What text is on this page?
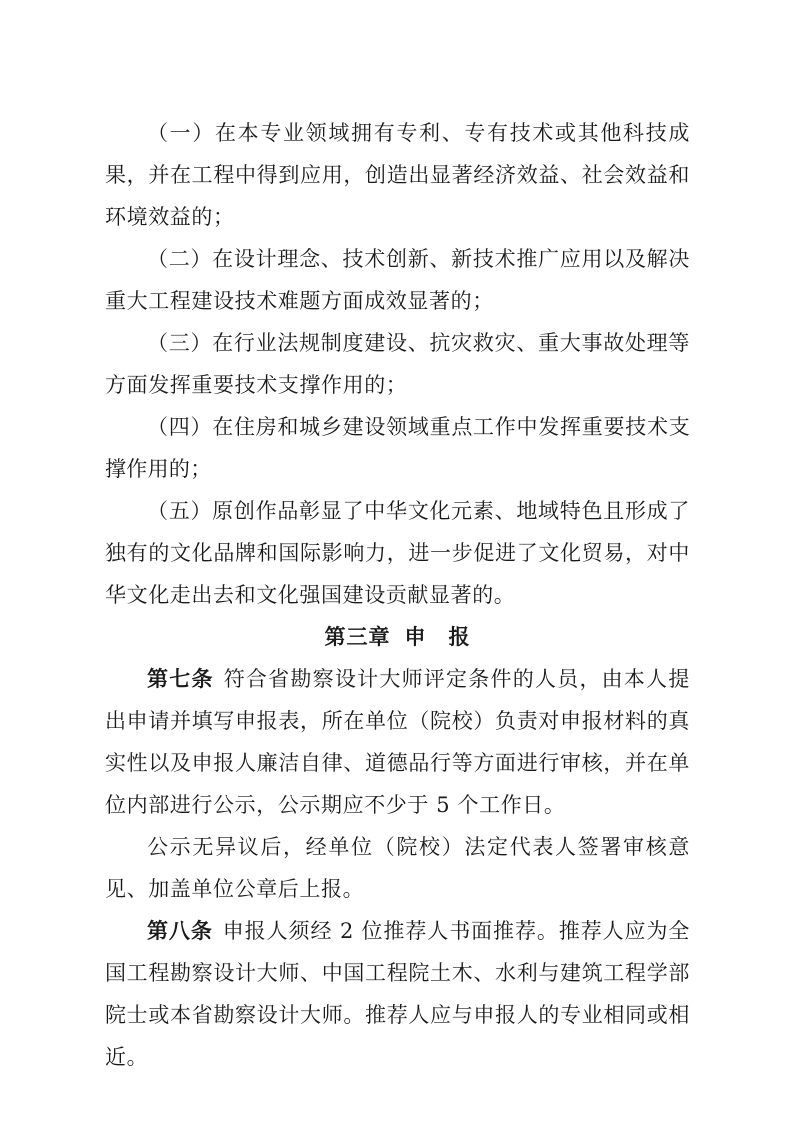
（一）在本专业领域拥有专利、专有技术或其他科技成果，并在工程中得到应用，创造出显著经济效益、社会效益和环境效益的；

（二）在设计理念、技术创新、新技术推广应用以及解决重大工程建设技术难题方面成效显著的；

（三）在行业法规制度建设、抗灾救灾、重大事故处理等方面发挥重要技术支撑作用的；

（四）在住房和城乡建设领域重点工作中发挥重要技术支撑作用的；

（五）原创作品彰显了中华文化元素、地域特色且形成了独有的文化品牌和国际影响力，进一步促进了文化贸易，对中华文化走出去和文化强国建设贡献显著的。

第三章 申　报

第七条 符合省勘察设计大师评定条件的人员，由本人提出申请并填写申报表，所在单位（院校）负责对申报材料的真实性以及申报人廉洁自律、道德品行等方面进行审核，并在单位内部进行公示，公示期应不少于 5 个工作日。

公示无异议后，经单位（院校）法定代表人签署审核意见、加盖单位公章后上报。

第八条 申报人须经 2 位推荐人书面推荐。推荐人应为全国工程勘察设计大师、中国工程院土木、水利与建筑工程学部院士或本省勘察设计大师。推荐人应与申报人的专业相同或相近。
